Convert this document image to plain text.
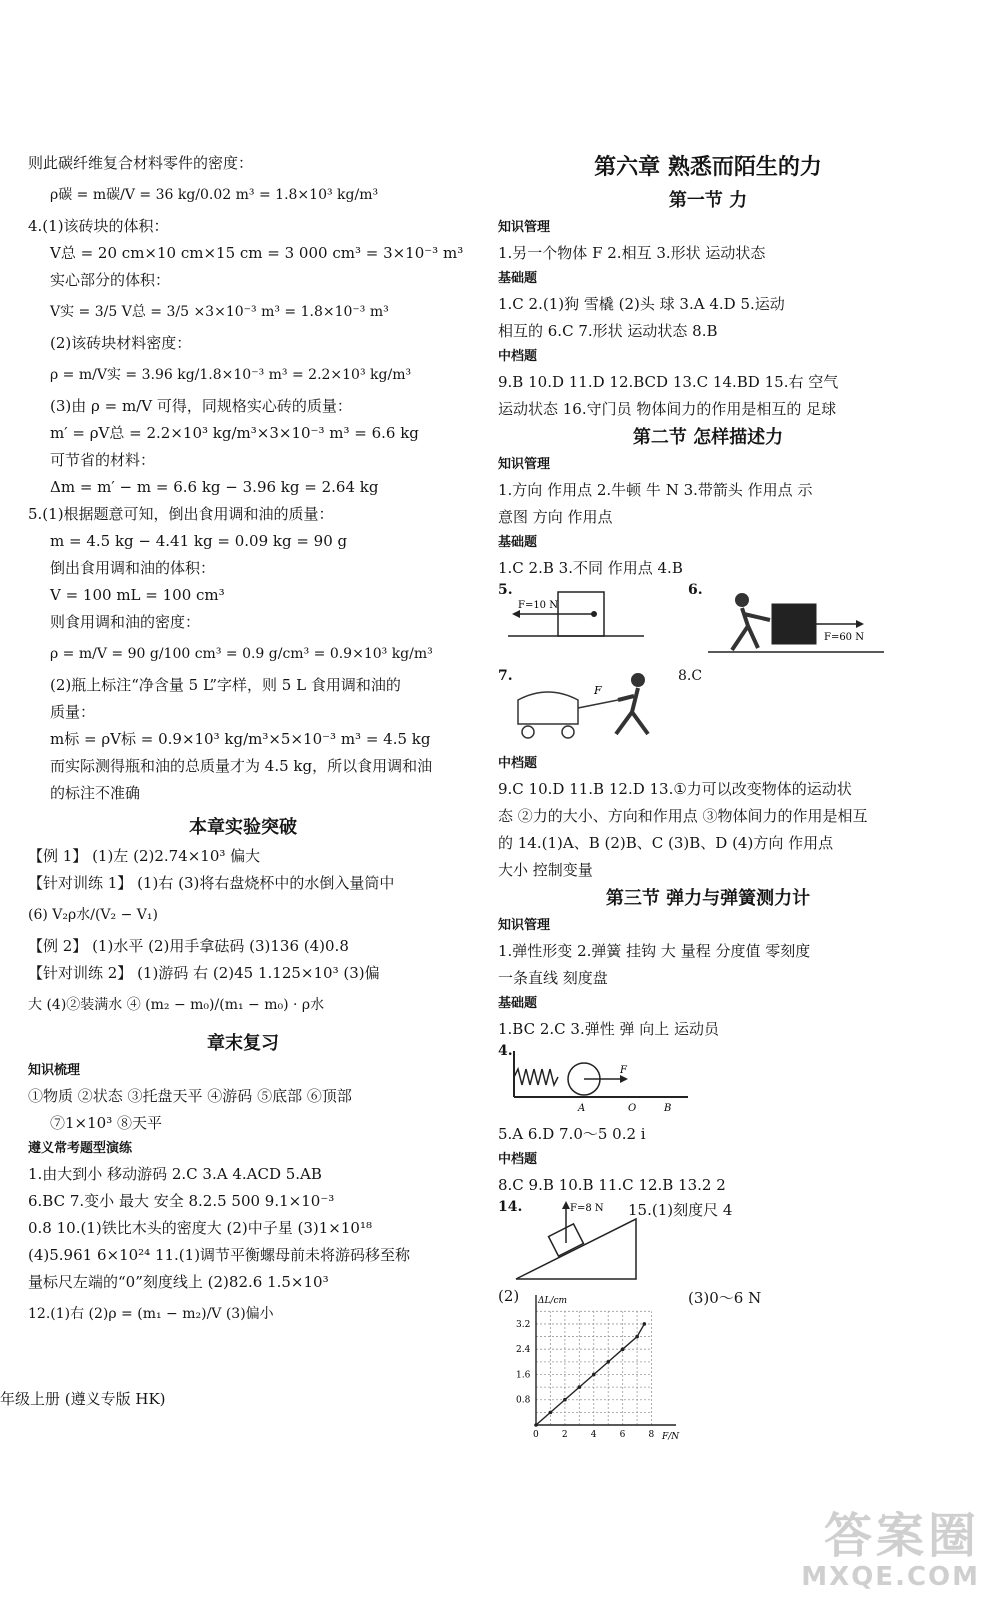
则此碳纤维复合材料零件的密度：
ρ碳 = m碳/V = 36 kg/0.02 m³ = 1.8×10³ kg/m³
4.(1)该砖块的体积：
V总 = 20 cm×10 cm×15 cm = 3 000 cm³ = 3×10⁻³ m³
实心部分的体积：
V实 = 3/5 V总 = 3/5 ×3×10⁻³ m³ = 1.8×10⁻³ m³
(2)该砖块材料密度：
ρ = m/V实 = 3.96 kg/1.8×10⁻³ m³ = 2.2×10³ kg/m³
(3)由 ρ = m/V 可得，同规格实心砖的质量：
m′ = ρV总 = 2.2×10³ kg/m³×3×10⁻³ m³ = 6.6 kg
可节省的材料：
Δm = m′ − m = 6.6 kg − 3.96 kg = 2.64 kg
5.(1)根据题意可知，倒出食用调和油的质量：
m = 4.5 kg − 4.41 kg = 0.09 kg = 90 g
倒出食用调和油的体积：
V = 100 mL = 100 cm³
则食用调和油的密度：
ρ = m/V = 90 g/100 cm³ = 0.9 g/cm³ = 0.9×10³ kg/m³
(2)瓶上标注“净含量 5 L”字样，则 5 L 食用调和油的
质量：
m标 = ρV标 = 0.9×10³ kg/m³×5×10⁻³ m³ = 4.5 kg
而实际测得瓶和油的总质量才为 4.5 kg，所以食用调和油
的标注不准确
本章实验突破
【例 1】 (1)左 (2)2.74×10³ 偏大
【针对训练 1】 (1)右 (3)将右盘烧杯中的水倒入量筒中
(6) V₂ρ水/(V₂ − V₁)
【例 2】 (1)水平 (2)用手拿砝码 (3)136 (4)0.8
【针对训练 2】 (1)游码 右 (2)45 1.125×10³ (3)偏
大 (4)②装满水 ④ (m₂ − m₀)/(m₁ − m₀) · ρ水
章末复习
知识梳理
①物质 ②状态 ③托盘天平 ④游码 ⑤底部 ⑥顶部
⑦1×10³ ⑧天平
遵义常考题型演练
1.由大到小 移动游码 2.C 3.A 4.ACD 5.AB
6.BC 7.变小 最大 安全 8.2.5 500 9.1×10⁻³
0.8 10.(1)铁比木头的密度大 (2)中子星 (3)1×10¹⁸
(4)5.961 6×10²⁴ 11.(1)调节平衡螺母前未将游码移至称
量标尺左端的“0”刻度线上 (2)82.6 1.5×10³
12.(1)右 (2)ρ = (m₁ − m₂)/V (3)偏小
第六章 熟悉而陌生的力
第一节 力
知识管理
1.另一个物体 F 2.相互 3.形状 运动状态
基础题
1.C 2.(1)狗 雪橇 (2)头 球 3.A 4.D 5.运动
相互的 6.C 7.形状 运动状态 8.B
中档题
9.B 10.D 11.D 12.BCD 13.C 14.BD 15.右 空气
运动状态 16.守门员 物体间力的作用是相互的 足球
第二节 怎样描述力
知识管理
1.方向 作用点 2.牛顿 牛 N 3.带箭头 作用点 示
意图 方向 作用点
基础题
1.C 2.B 3.不同 作用点 4.B
5.
F=10 N
6.
F=60 N
7.
F
8.C
中档题
9.C 10.D 11.B 12.D 13.①力可以改变物体的运动状
态 ②力的大小、方向和作用点 ③物体间力的作用是相互
的 14.(1)A、B (2)B、C (3)B、D (4)方向 作用点
大小 控制变量
第三节 弹力与弹簧测力计
知识管理
1.弹性形变 2.弹簧 挂钩 大 量程 分度值 零刻度
一条直线 刻度盘
基础题
1.BC 2.C 3.弹性 弹 向上 运动员
4.
F
A	O	B
5.A 6.D 7.0～5 0.2 i
中档题
8.C 9.B 10.B 11.C 12.B 13.2 2
14.	F=8 N 15.(1)刻度尺 4
(2)	(3)0～6 N
0	2	4	6	8
0.8
1.6
2.4
3.2
F/N
ΔL/cm
年级上册 (遵义专版 HK)
答案圈
MXQE.COM
